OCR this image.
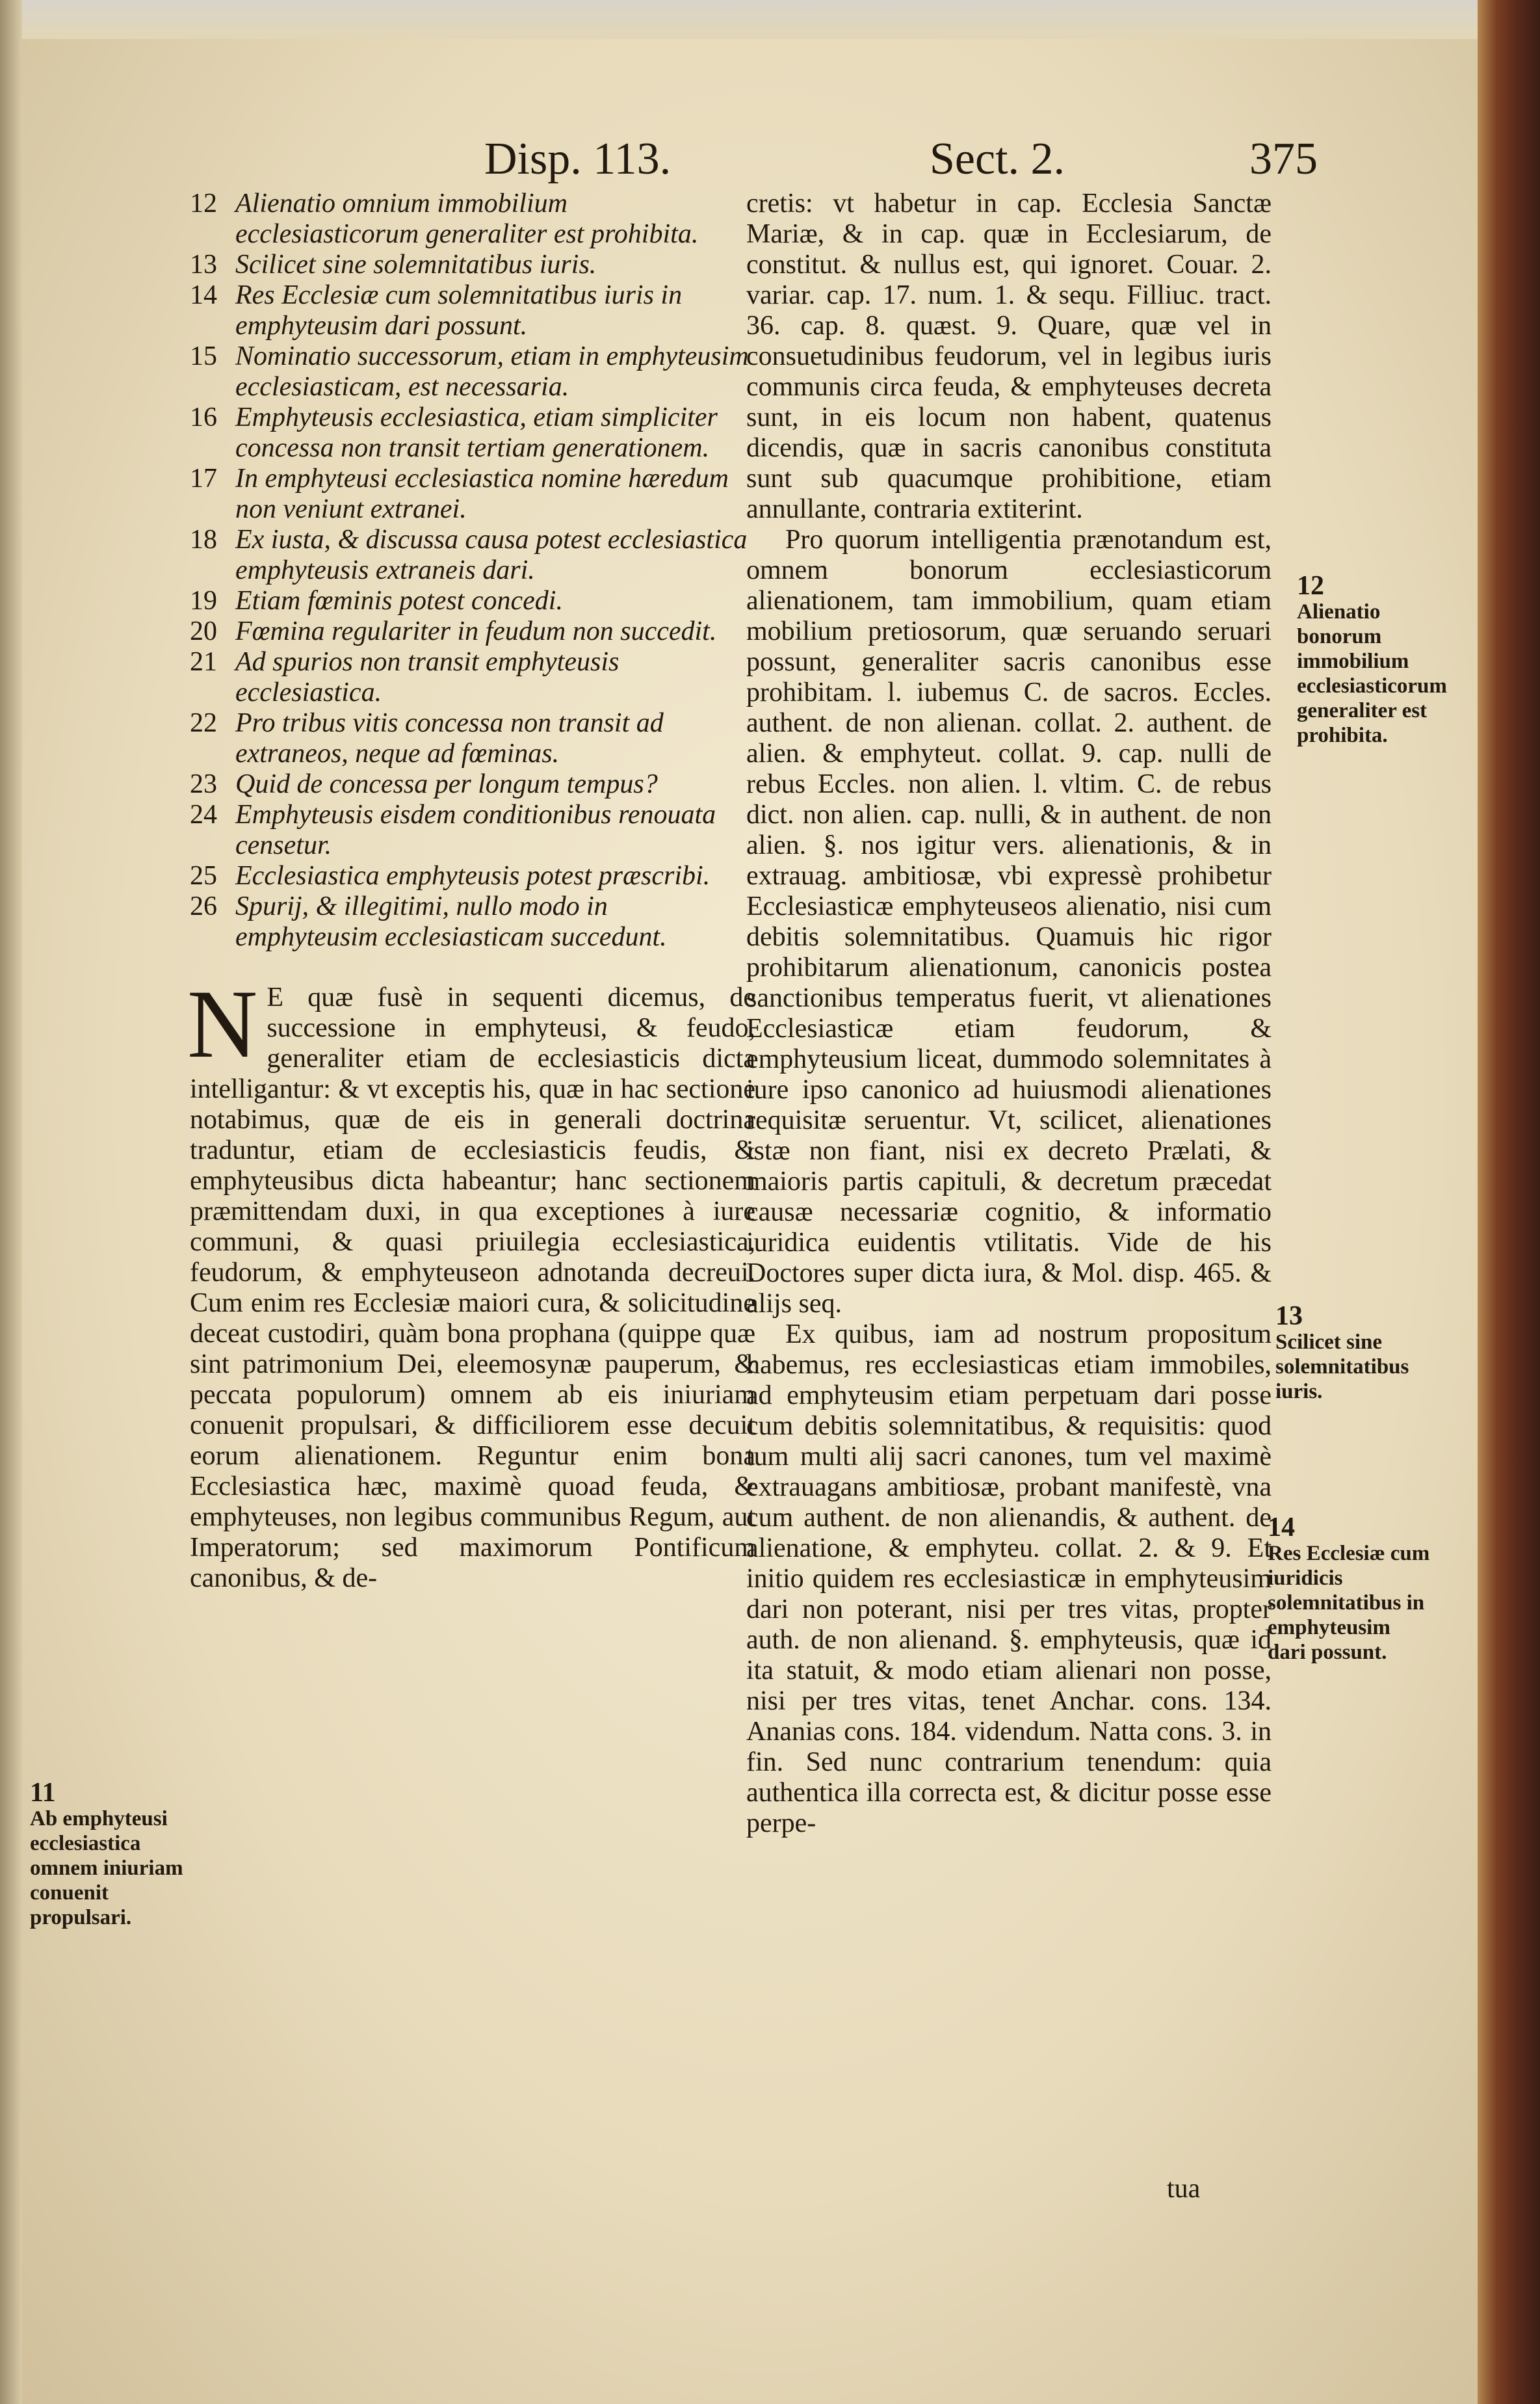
Disp. 113.	Sect. 2.	375
12 Alienatio omnium immobilium ecclesiasticorum generaliter est prohibita.
13 Scilicet sine solemnitatibus iuris.
14 Res Ecclesiæ cum solemnitatibus iuris in emphyteusim dari possunt.
15 Nominatio successorum, etiam in emphyteusim ecclesiasticam, est necessaria.
16 Emphyteusis ecclesiastica, etiam simpliciter concessa non transit tertiam generationem.
17 In emphyteusi ecclesiastica nomine hæredum non veniunt extranei.
18 Ex iusta, & discussa causa potest ecclesiastica emphyteusis extraneis dari.
19 Etiam fœminis potest concedi.
20 Fœmina regulariter in feudum non succedit.
21 Ad spurios non transit emphyteusis ecclesiastica.
22 Pro tribus vitis concessa non transit ad extraneos, neque ad fœminas.
23 Quid de concessa per longum tempus?
24 Emphyteusis eisdem conditionibus renouata censetur.
25 Ecclesiastica emphyteusis potest præscribi.
26 Spurij, & illegitimi, nullo modo in emphyteusim ecclesiasticam succedunt.

N E quæ fusè in sequenti dicemus, de successione in emphyteusi, & feudo, generaliter etiam de ecclesiasticis dicta intelligantur: & vt exceptis his, quæ in hac sectione notabimus, quæ de eis in generali doctrina traduntur, etiam de ecclesiasticis feudis, & emphyteusibus dicta habeantur; hanc sectionem præmittendam duxi, in qua exceptiones à iure communi, & quasi priuilegia ecclesiastica, feudorum, & emphyteuseon adnotanda decreui. Cum enim res Ecclesiæ maiori cura, & solicitudine deceat custodiri, quàm bona prophana (quippe quæ sint patrimonium Dei, eleemosynæ pauperum, & peccata populorum) omnem ab eis iniuriam conuenit propulsari, & difficiliorem esse decuit eorum alienationem. Reguntur enim bona Ecclesiastica hæc, maximè quoad feuda, & emphyteuses, non legibus communibus Regum, aut Imperatorum; sed maximorum Pontificum canonibus, & de-

cretis: vt habetur in cap. Ecclesia Sanctæ Mariæ, & in cap. quæ in Ecclesiarum, de constitut. & nullus est, qui ignoret. Couar. 2. variar. cap. 17. num. 1. & sequ. Filliuc. tract. 36. cap. 8. quæst. 9. Quare, quæ vel in consuetudinibus feudorum, vel in legibus iuris communis circa feuda, & emphyteuses decreta sunt, in eis locum non habent, quatenus dicendis, quæ in sacris canonibus constituta sunt sub quacumque prohibitione, etiam annullante, contraria extiterint.

Pro quorum intelligentia prænotandum est, omnem bonorum ecclesiasticorum alienationem, tam immobilium, quam etiam mobilium pretiosorum, quæ seruando seruari possunt, generaliter sacris canonibus esse prohibitam. l. iubemus C. de sacros. Eccles. authent. de non alienan. collat. 2. authent. de alien. & emphyteut. collat. 9. cap. nulli de rebus Eccles. non alien. l. vltim. C. de rebus dict. non alien. cap. nulli, & in authent. de non alien. §. nos igitur vers. alienationis, & in extrauag. ambitiosæ, vbi expressè prohibetur Ecclesiasticæ emphyteuseos alienatio, nisi cum debitis solemnitatibus. Quamuis hic rigor prohibitarum alienationum, canonicis postea sanctionibus temperatus fuerit, vt alienationes Ecclesiasticæ etiam feudorum, & emphyteusium liceat, dummodo solemnitates à iure ipso canonico ad huiusmodi alienationes requisitæ seruentur. Vt, scilicet, alienationes istæ non fiant, nisi ex decreto Prælati, & maioris partis capituli, & decretum præcedat causæ necessariæ cognitio, & informatio iuridica euidentis vtilitatis. Vide de his Doctores super dicta iura, & Mol. disp. 465. & alijs seq.

Ex quibus, iam ad nostrum propositum habemus, res ecclesiasticas etiam immobiles, ad emphyteusim etiam perpetuam dari posse cum debitis solemnitatibus, & requisitis: quod tum multi alij sacri canones, tum vel maximè extrauagans ambitiosæ, probant manifestè, vna cum authent. de non alienandis, & authent. de alienatione, & emphyteu. collat. 2. & 9. Et initio quidem res ecclesiasticæ in emphyteusim dari non poterant, nisi per tres vitas, propter auth. de non alienand. §. emphyteusis, quæ id ita statuit, & modo etiam alienari non posse, nisi per tres vitas, tenet Anchar. cons. 134. Ananias cons. 184. videndum. Natta cons. 3. in fin. Sed nunc contrarium tenendum: quia authentica illa correcta est, & dicitur posse esse perpe-

tua
12
Alienatio bonorum immobilium ecclesiasticorum generaliter est prohibita.
13
Scilicet sine solemnitatibus iuris.
14
Res Ecclesiæ cum iuridicis solemnitatibus in emphyteusim dari possunt.
11
Ab emphyteusi ecclesiastica omnem iniuriam conuenit propulsari.
